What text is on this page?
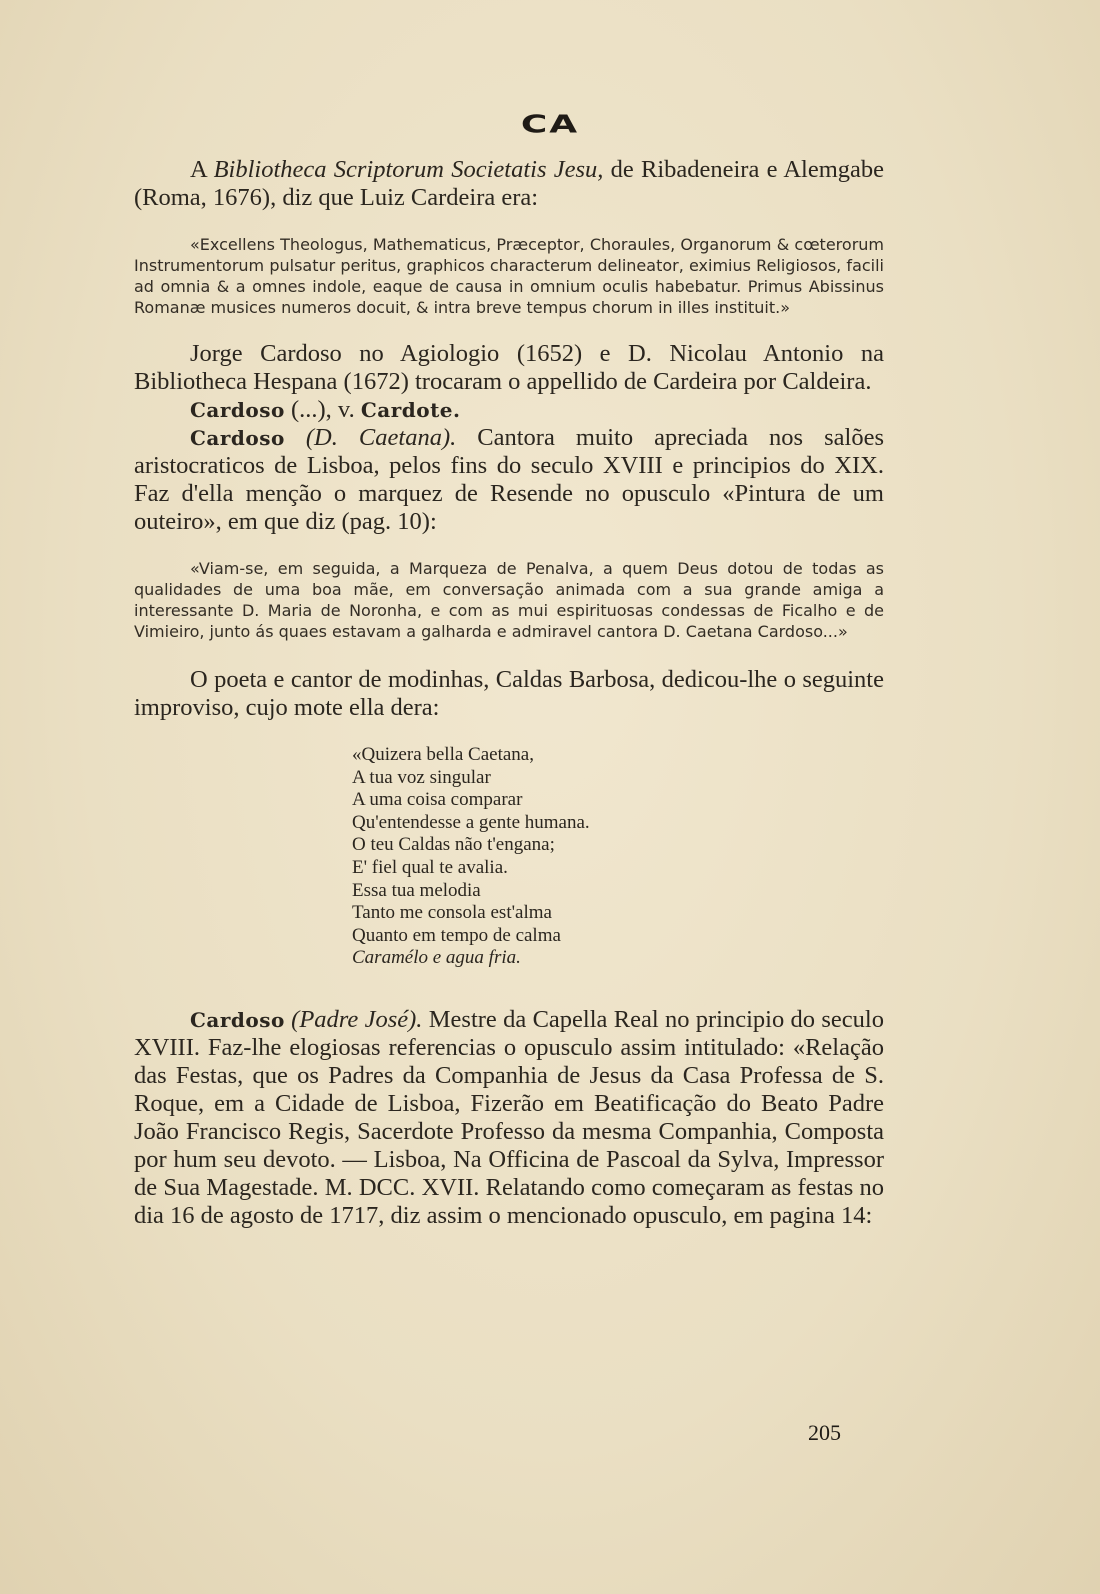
CA

A Bibliotheca Scriptorum Societatis Jesu, de Ribadeneira e Alemgabe (Roma, 1676), diz que Luiz Cardeira era:

«Excellens Theologus, Mathematicus, Præceptor, Choraules, Organorum & cœterorum Instrumentorum pulsatur peritus, graphicos characterum delineator, eximius Religiosos, facili ad omnia & a omnes indole, eaque de causa in omnium oculis habebatur. Primus Abissinus Romanæ musices numeros docuit, & intra breve tempus chorum in illes instituit.»

Jorge Cardoso no Agiologio (1652) e D. Nicolau Antonio na Bibliotheca Hespana (1672) trocaram o appellido de Cardeira por Caldeira.

Cardoso (...), v. Cardote.

Cardoso (D. Caetana). Cantora muito apreciada nos salões aristocraticos de Lisboa, pelos fins do seculo XVIII e principios do XIX. Faz d'ella menção o marquez de Resende no opusculo «Pintura de um outeiro», em que diz (pag. 10):

«Viam-se, em seguida, a Marqueza de Penalva, a quem Deus dotou de todas as qualidades de uma boa mãe, em conversação animada com a sua grande amiga a interessante D. Maria de Noronha, e com as mui espirituosas condessas de Ficalho e de Vimieiro, junto ás quaes estavam a galharda e admiravel cantora D. Caetana Cardoso...»

O poeta e cantor de modinhas, Caldas Barbosa, dedicou-lhe o seguinte improviso, cujo mote ella dera:

«Quizera bella Caetana,
A tua voz singular
A uma coisa comparar
Qu'entendesse a gente humana.
O teu Caldas não t'engana;
E' fiel qual te avalia.
Essa tua melodia
Tanto me consola est'alma
Quanto em tempo de calma
Caramélo e agua fria.

Cardoso (Padre José). Mestre da Capella Real no principio do seculo XVIII. Faz-lhe elogiosas referencias o opusculo assim intitulado: «Relação das Festas, que os Padres da Companhia de Jesus da Casa Professa de S. Roque, em a Cidade de Lisboa, Fizerão em Beatificação do Beato Padre João Francisco Regis, Sacerdote Professo da mesma Companhia, Composta por hum seu devoto. — Lisboa, Na Officina de Pascoal da Sylva, Impressor de Sua Magestade. M. DCC. XVII. Relatando como começaram as festas no dia 16 de agosto de 1717, diz assim o mencionado opusculo, em pagina 14:

205
